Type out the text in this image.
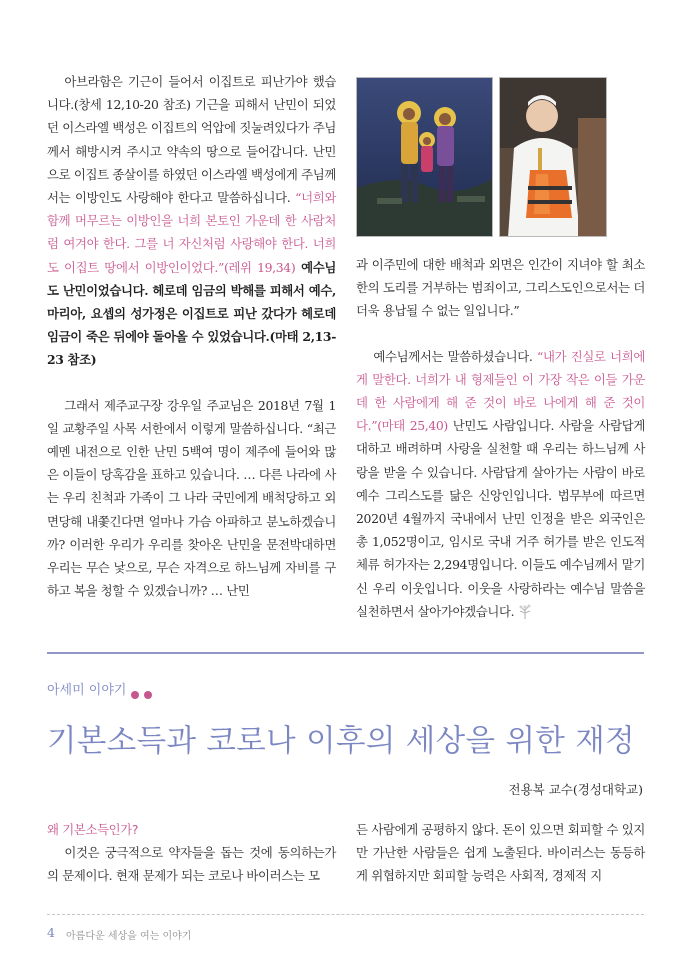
아브라함은 기근이 들어서 이집트로 피난가야 했습니다.(창세 12,10-20 참조) 기근을 피해서 난민이 되었던 이스라엘 백성은 이집트의 억압에 짓눌려있다가 주님께서 해방시켜 주시고 약속의 땅으로 들어갑니다. 난민으로 이집트 종살이를 하였던 이스라엘 백성에게 주님께서는 이방인도 사랑해야 한다고 말씀하십니다. “너희와 함께 머무르는 이방인을 너희 본토인 가운데 한 사람처럼 여겨야 한다. 그를 너 자신처럼 사랑해야 한다. 너희도 이집트 땅에서 이방인이었다.”(레위 19,34) 예수님도 난민이었습니다. 헤로데 임금의 박해를 피해서 예수, 마리아, 요셉의 성가정은 이집트로 피난 갔다가 헤로데 임금이 죽은 뒤에야 돌아올 수 있었습니다.(마태 2,13-23 참조)

그래서 제주교구장 강우일 주교님은 2018년 7월 1일 교황주일 사목 서한에서 이렇게 말씀하십니다. “최근 예멘 내전으로 인한 난민 5백여 명이 제주에 들어와 많은 이들이 당혹감을 표하고 있습니다. … 다른 나라에 사는 우리 친척과 가족이 그 나라 국민에게 배척당하고 외면당해 내쫓긴다면 얼마나 가슴 아파하고 분노하겠습니까? 이러한 우리가 우리를 찾아온 난민을 문전박대하면 우리는 무슨 낯으로, 무슨 자격으로 하느님께 자비를 구하고 복을 청할 수 있겠습니까? … 난민

과 이주민에 대한 배척과 외면은 인간이 지녀야 할 최소한의 도리를 거부하는 범죄이고, 그리스도인으로서는 더더욱 용납될 수 없는 일입니다.”

예수님께서는 말씀하셨습니다. “내가 진실로 너희에게 말한다. 너희가 내 형제들인 이 가장 작은 이들 가운데 한 사람에게 해 준 것이 바로 나에게 해 준 것이다.”(마태 25,40) 난민도 사람입니다. 사람을 사람답게 대하고 배려하며 사랑을 실천할 때 우리는 하느님께 사랑을 받을 수 있습니다. 사람답게 살아가는 사람이 바로 예수 그리스도를 닮은 신앙인입니다. 법무부에 따르면 2020년 4월까지 국내에서 난민 인정을 받은 외국인은 총 1,052명이고, 임시로 국내 거주 허가를 받은 인도적 체류 허가자는 2,294명입니다. 이들도 예수님께서 맡기신 우리 이웃입니다. 이웃을 사랑하라는 예수님 말씀을 실천하면서 살아가야겠습니다.

아세미 이야기
기본소득과 코로나 이후의 세상을 위한 재정
전용복 교수(경성대학교)

왜 기본소득인가?

이것은 궁극적으로 약자들을 돕는 것에 동의하는가의 문제이다. 현재 문제가 되는 코로나 바이러스는 모

든 사람에게 공평하지 않다. 돈이 있으면 회피할 수 있지만 가난한 사람들은 쉽게 노출된다. 바이러스는 동등하게 위협하지만 회피할 능력은 사회적, 경제적 지

4 아름다운 세상을 여는 이야기
